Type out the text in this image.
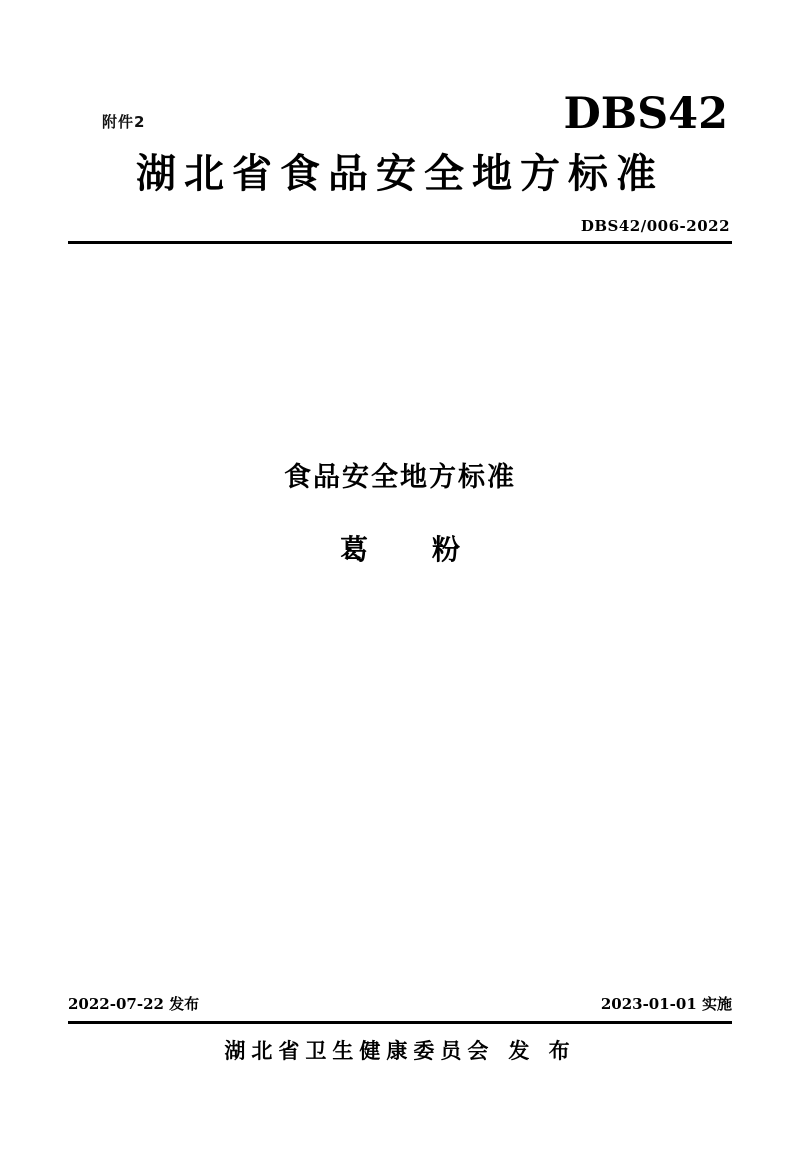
附件2	DBS42
湖北省食品安全地方标准
DBS42/006-2022
食品安全地方标准
葛　粉
2022-07-22 发布	2023-01-01 实施
湖北省卫生健康委员会 发 布
